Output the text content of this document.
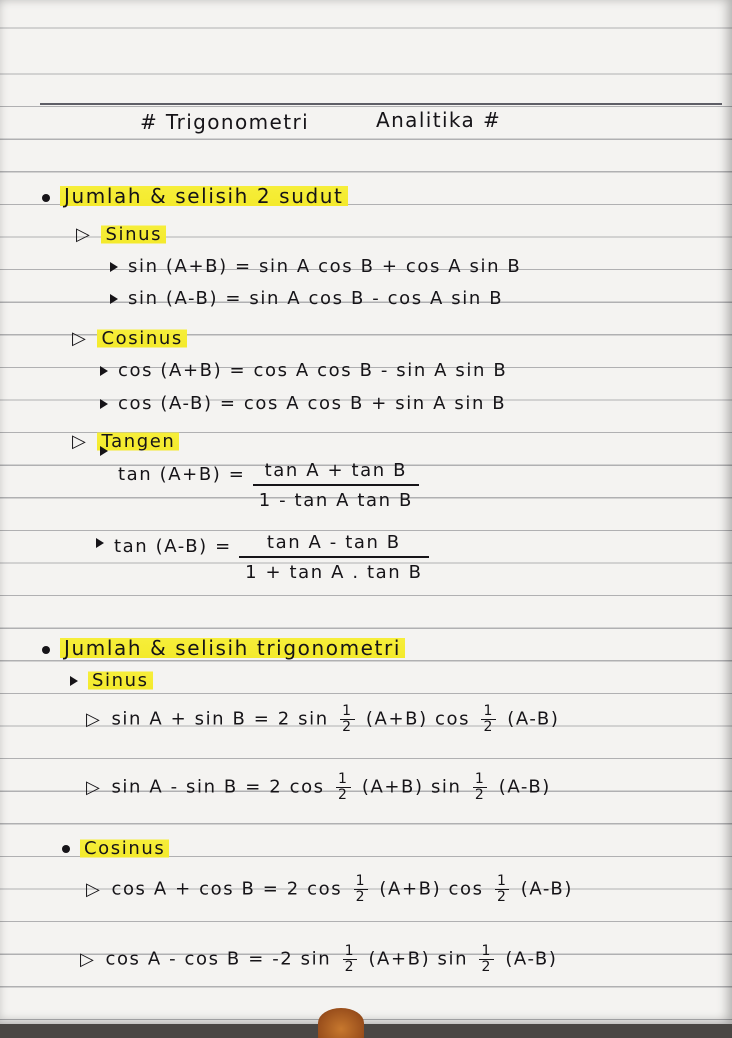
# Trigonometri	Analitika #
Jumlah & selisih 2 sudut
▷ Sinus
sin (A+B) = sin A cos B + cos A sin B
sin (A-B) = sin A cos B - cos A sin B
▷ Cosinus
cos (A+B) = cos A cos B - sin A sin B
cos (A-B) = cos A cos B + sin A sin B
▷ Tangen
$\tan (A+B) = \frac{\text{tan A + tan B}}{\text{1 - tan A tan B}}$
$\tan (A-B) = \frac{\text{tan A - tan B}}{\text{1 + tan A . tan B}}$
Jumlah & selisih trigonometri
Sinus
▷ sin A + sin B = 2 $\sin \frac{1}{2} (A+B)$ $\cos \frac{1}{2} (A-B)$
▷ sin A - sin B = 2 $\cos \frac{1}{2} (A+B)$ $\sin \frac{1}{2} (A-B)$
Cosinus
▷ cos A + cos B = 2 $\cos \frac{1}{2} (A+B)$ $\cos \frac{1}{2} (A-B)$
▷ cos A - cos B = -2 $\sin \frac{1}{2} (A+B)$ $\sin \frac{1}{2} (A-B)$
